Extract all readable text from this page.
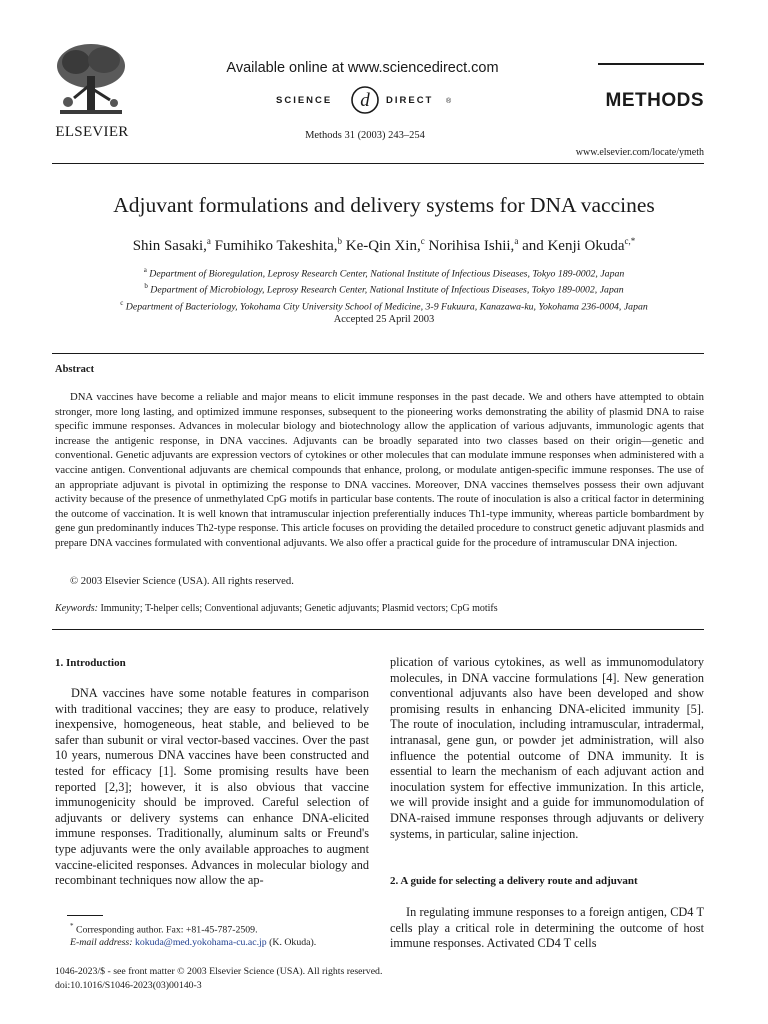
ELSEVIER
Available online at www.sciencedirect.com
SCIENCE d DIRECT ®
Methods 31 (2003) 243–254
METHODS
www.elsevier.com/locate/ymeth
Adjuvant formulations and delivery systems for DNA vaccines
Shin Sasaki,$^a$ Fumihiko Takeshita,$^b$ Ke-Qin Xin,$^c$ Norihisa Ishii,$^a$ and Kenji Okuda$^{c,*}$
$^a$ Department of Bioregulation, Leprosy Research Center, National Institute of Infectious Diseases, Tokyo 189-0002, Japan
$^b$ Department of Microbiology, Leprosy Research Center, National Institute of Infectious Diseases, Tokyo 189-0002, Japan
$^c$ Department of Bacteriology, Yokohama City University School of Medicine, 3-9 Fukuura, Kanazawa-ku, Yokohama 236-0004, Japan
Accepted 25 April 2003
Abstract
DNA vaccines have become a reliable and major means to elicit immune responses in the past decade. We and others have attempted to obtain stronger, more long lasting, and optimized immune responses, subsequent to the pioneering works demonstrating the ability of plasmid DNA to raise specific immune responses. Advances in molecular biology and biotechnology allow the application of various adjuvants, immunologic agents that increase the antigenic response, in DNA vaccines. Adjuvants can be broadly separated into two classes based on their origin—genetic and conventional. Genetic adjuvants are expression vectors of cytokines or other molecules that can modulate immune responses when administered with a vaccine antigen. Conventional adjuvants are chemical compounds that enhance, prolong, or modulate antigen-specific immune responses. The use of an appropriate adjuvant is pivotal in optimizing the response to DNA vaccines. Moreover, DNA vaccines themselves possess their own adjuvant activity because of the presence of unmethylated CpG motifs in particular base contents. The route of inoculation is also a critical factor in determining the outcome of vaccination. It is well known that intramuscular injection preferentially induces Th1-type immunity, whereas particle bombardment by gene gun predominantly induces Th2-type response. This article focuses on providing the detailed procedure to construct genetic adjuvant plasmids and prepare DNA vaccines formulated with conventional adjuvants. We also offer a practical guide for the procedure of intramuscular DNA injection.
© 2003 Elsevier Science (USA). All rights reserved.
Keywords: Immunity; T-helper cells; Conventional adjuvants; Genetic adjuvants; Plasmid vectors; CpG motifs
1. Introduction
DNA vaccines have some notable features in comparison with traditional vaccines; they are easy to produce, relatively inexpensive, homogeneous, heat stable, and believed to be safer than subunit or viral vector-based vaccines. Over the past 10 years, numerous DNA vaccines have been constructed and tested for efficacy [1]. Some promising results have been reported [2,3]; however, it is also obvious that vaccine immunogenicity should be improved. Careful selection of adjuvants or delivery systems can enhance DNA-elicited immune responses. Traditionally, aluminum salts or Freund's type adjuvants were the only available approaches to augment vaccine-elicited responses. Advances in molecular biology and recombinant techniques now allow the ap-
plication of various cytokines, as well as immunomodulatory molecules, in DNA vaccine formulations [4]. New generation conventional adjuvants also have been developed and show promising results in enhancing DNA-elicited immunity [5]. The route of inoculation, including intramuscular, intradermal, intranasal, gene gun, or powder jet administration, will also influence the potential outcome of DNA immunity. It is essential to learn the mechanism of each adjuvant action and inoculation system for effective immunization. In this article, we will provide insight and a guide for immunomodulation of DNA-raised immune responses through adjuvants or delivery systems, in particular, saline injection.
2. A guide for selecting a delivery route and adjuvant
In regulating immune responses to a foreign antigen, CD4 T cells play a critical role in determining the outcome of host immune responses. Activated CD4 T cells
* Corresponding author. Fax: +81-45-787-2509.
E-mail address: kokuda@med.yokohama-cu.ac.jp (K. Okuda).
1046-2023/$ - see front matter © 2003 Elsevier Science (USA). All rights reserved.
doi:10.1016/S1046-2023(03)00140-3
